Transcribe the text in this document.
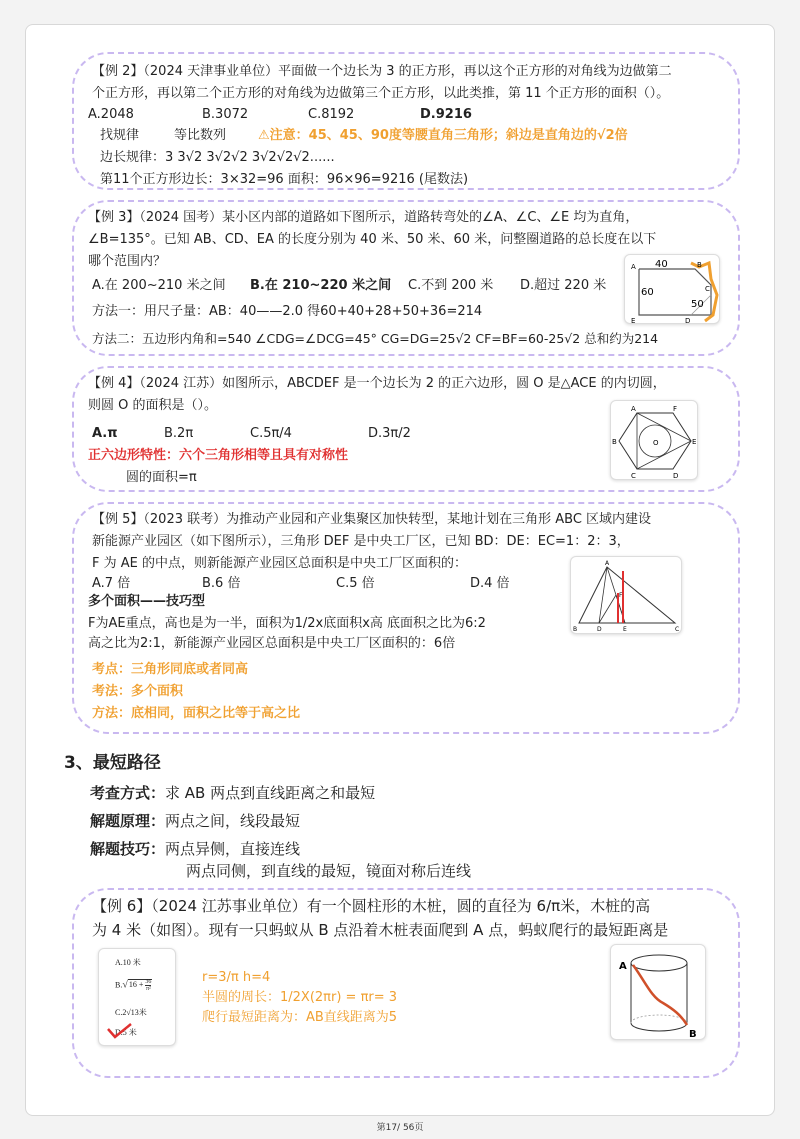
【例 2】（2024 天津事业单位）平面做一个边长为 3 的正方形，再以这个正方形的对角线为边做第二
个正方形，再以第二个正方形的对角线为边做第三个正方形，以此类推，第 11 个正方形的面积（）。
A.2048	B.3072	C.8192	D.9216
找规律	等比数列 ⚠注意：45、45、90度等腰直角三角形；斜边是直角边的√2倍
边长规律：3 3√2 3√2√2 3√2√2√2......
第11个正方形边长：3×32=96 面积：96×96=9216 (尾数法)
【例 3】（2024 国考）某小区内部的道路如下图所示，道路转弯处的∠A、∠C、∠E 均为直角，
∠B=135°。已知 AB、CD、EA 的长度分别为 40 米、50 米、60 米，问整圈道路的总长度在以下
哪个范围内？
A.在 200~210 米之间 B.在 210~220 米之间 C.不到 200 米 D.超过 220 米
方法一：用尺子量：AB：40——2.0 得60+40+28+50+36=214
方法二：五边形内角和=540 ∠CDG=∠DCG=45° CG=DG=25√2 CF=BF=60-25√2 总和约为214
A	B
C
D
E
40
60
50
【例 4】（2024 江苏）如图所示，ABCDEF 是一个边长为 2 的正六边形，圆 O 是△ACE 的内切圆，
则圆 O 的面积是（）。
A.π	B.2π	C.5π/4	D.3π/2
正六边形特性：六个三角形相等且具有对称性
圆的面积=π
A
B
C	D
E
F
O
【例 5】（2023 联考）为推动产业园和产业集聚区加快转型，某地计划在三角形 ABC 区域内建设
新能源产业园区（如下图所示），三角形 DEF 是中央工厂区，已知 BD：DE：EC=1：2：3，
F 为 AE 的中点，则新能源产业园区总面积是中央工厂区面积的：
A.7 倍	B.6 倍	C.5 倍	D.4 倍
多个面积——技巧型
F为AE重点，高也是为一半，面积为1/2x底面积x高 底面积之比为6:2
高之比为2:1，新能源产业园区总面积是中央工厂区面积的：6倍
考点：三角形同底或者同高
考法：多个面积
方法：底相同，面积之比等于高之比
A
B	D	E	C
F
3、最短路径
考查方式：求 AB 两点到直线距离之和最短
解题原理：两点之间，线段最短
解题技巧：两点异侧，直接连线
两点同侧，到直线的最短，镜面对称后连线
【例 6】（2024 江苏事业单位）有一个圆柱形的木桩，圆的直径为 6/π米，木桩的高
为 4 米（如图）。现有一只蚂蚁从 B 点沿着木桩表面爬到 A 点，蚂蚁爬行的最短距离是
r=3/π h=4
半圆的周长：1/2X(2πr) = πr= 3
爬行最短距离为：AB直线距离为5
A.10 米
$B.√16 + \frac{36}{\text{π²}}$
C.2√13米
D.5 米
A
B
第17/ 56页
